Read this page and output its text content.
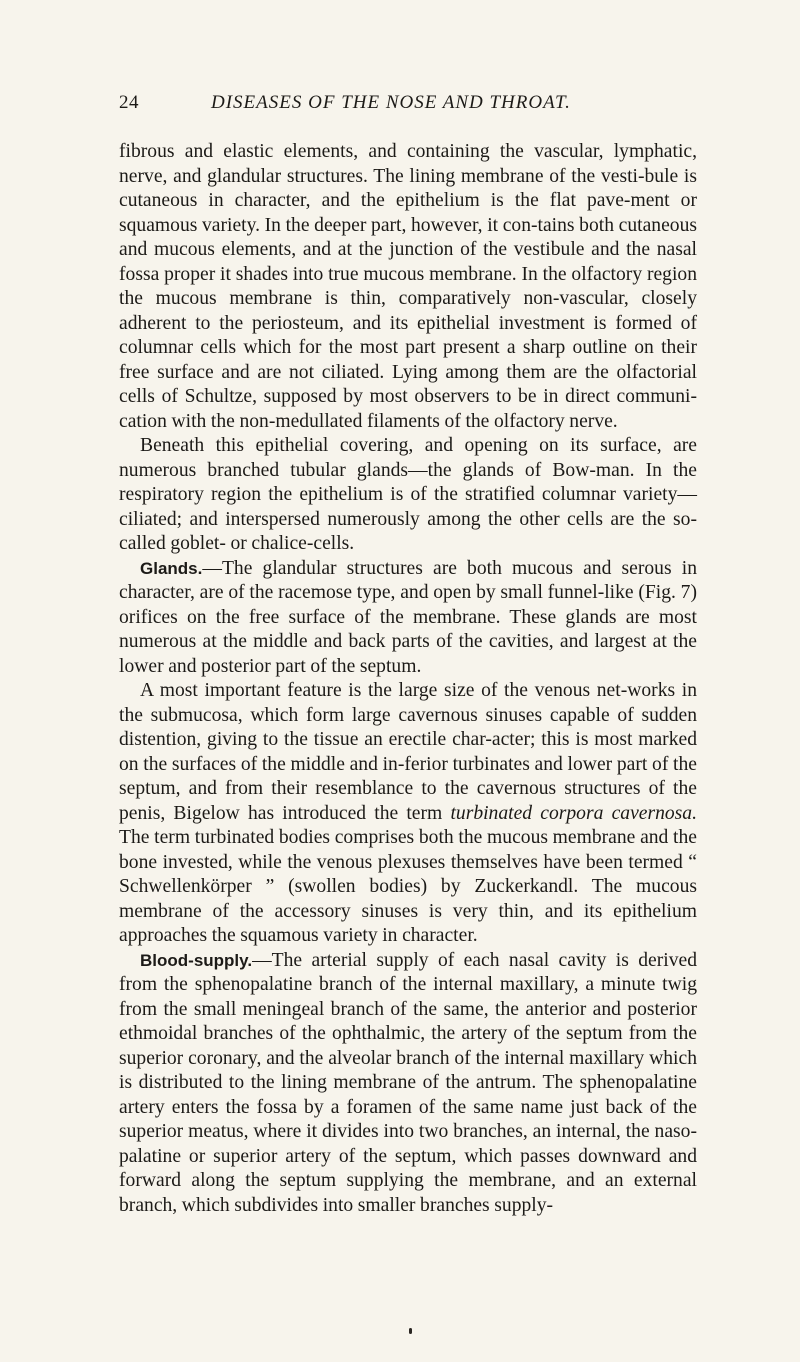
24	DISEASES OF THE NOSE AND THROAT.

fibrous and elastic elements, and containing the vascular, lymphatic, nerve, and glandular structures. The lining membrane of the vesti-bule is cutaneous in character, and the epithelium is the flat pave-ment or squamous variety. In the deeper part, however, it con-tains both cutaneous and mucous elements, and at the junction of the vestibule and the nasal fossa proper it shades into true mucous membrane. In the olfactory region the mucous membrane is thin, comparatively non-vascular, closely adherent to the periosteum, and its epithelial investment is formed of columnar cells which for the most part present a sharp outline on their free surface and are not ciliated. Lying among them are the olfactorial cells of Schultze, supposed by most observers to be in direct communi-cation with the non-medullated filaments of the olfactory nerve.

Beneath this epithelial covering, and opening on its surface, are numerous branched tubular glands—the glands of Bow-man. In the respiratory region the epithelium is of the stratified columnar variety—ciliated; and interspersed numerously among the other cells are the so-called goblet- or chalice-cells.

Glands.—The glandular structures are both mucous and serous in character, are of the racemose type, and open by small funnel-like (Fig. 7) orifices on the free surface of the membrane. These glands are most numerous at the middle and back parts of the cavities, and largest at the lower and posterior part of the septum.

A most important feature is the large size of the venous net-works in the submucosa, which form large cavernous sinuses capable of sudden distention, giving to the tissue an erectile char-acter; this is most marked on the surfaces of the middle and in-ferior turbinates and lower part of the septum, and from their resemblance to the cavernous structures of the penis, Bigelow has introduced the term turbinated corpora cavernosa. The term turbinated bodies comprises both the mucous membrane and the bone invested, while the venous plexuses themselves have been termed “ Schwellenkörper ” (swollen bodies) by Zuckerkandl. The mucous membrane of the accessory sinuses is very thin, and its epithelium approaches the squamous variety in character.

Blood-supply.—The arterial supply of each nasal cavity is derived from the sphenopalatine branch of the internal maxillary, a minute twig from the small meningeal branch of the same, the anterior and posterior ethmoidal branches of the ophthalmic, the artery of the septum from the superior coronary, and the alveolar branch of the internal maxillary which is distributed to the lining membrane of the antrum. The sphenopalatine artery enters the fossa by a foramen of the same name just back of the superior meatus, where it divides into two branches, an internal, the naso-palatine or superior artery of the septum, which passes downward and forward along the septum supplying the membrane, and an external branch, which subdivides into smaller branches supply-
